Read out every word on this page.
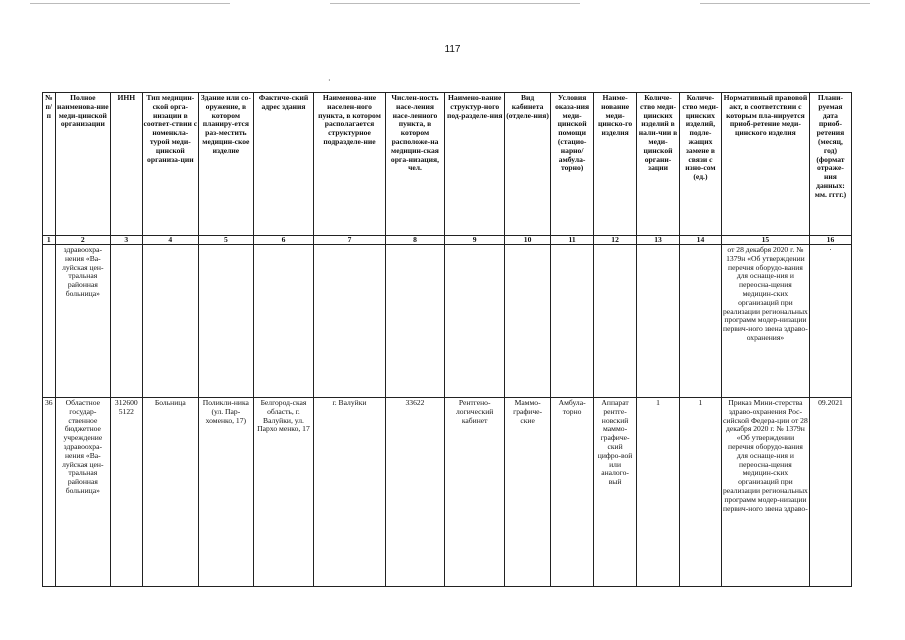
117
·
№ п/п	Полное наименова-ние меди-цинской организации	ИНН	Тип медицин-ской орга-низации в соответ-ствии с номенкла-турой меди-цинской организа-ции	Здание или со-оружение, в котором планиру-ется раз-местить медицин-ское изделие	Фактиче-ский адрес здания	Наименова-ние населен-ного пункта, в котором располагается структурное подразделе-ние	Числен-ность насе-ления насе-ленного пункта, в котором расположе-на медицин-ская орга-низация, чел.	Наимено-вание структур-ного под-разделе-ния	Вид кабинета (отделе-ния)	Условия оказа-ния меди-цинской помощи (стацио-нарно/ амбула-торно)	Наиме-нование меди-цинско-го изделия	Количе-ство меди-цинских изделий в нали-чии в меди-цинской органи-зации	Количе-ство меди-цинских изделий, подле-жащих замене в связи с изно-сом (ед.)	Нормативный правовой акт, в соответствии с которым пла-нируется приоб-ретение меди-цинского изделия	Плани-руемая дата приоб-ретения (месяц, год) (формат отраже-ния данных: мм. гггг.)
1	2	3	4	5	6	7	8	9	10	11	12	13	14	15	16
	здравоохра-нения «Ва-луйская цен-тральная районная больница»													от 28 декабря 2020 г. № 1379н «Об утверждении перечня оборудо-вания для оснаще-ния и переосна-щения медицин-ских организаций при реализации региональных программ модер-низации первич-ного звена здраво-охранения»	·
36	Областное государ-ственное бюджетное учреждение здравоохра-нения «Ва-луйская цен-тральная районная больница»	312600 5122	Больница	Поликли-ника (ул. Пар-хоменко, 17)	Белгород-ская область, г. Валуйки, ул. Пархо менко, 17	г. Валуйки	33622	Рентгено-логический кабинет	Маммо-графиче-ские	Амбула-торно	Аппарат рентге-новский маммо-графиче-ский цифро-вой или аналого-вый	1	1	Приказ Мини-стерства здраво-охранения Рос-сийской Федера-ции от 28 декабря 2020 г. № 1379н «Об утверждении перечня оборудо-вания для оснаще-ния и переосна-щения медицин-ских организаций при реализации региональных программ модер-низации первич-ного звена здраво-	09.2021
